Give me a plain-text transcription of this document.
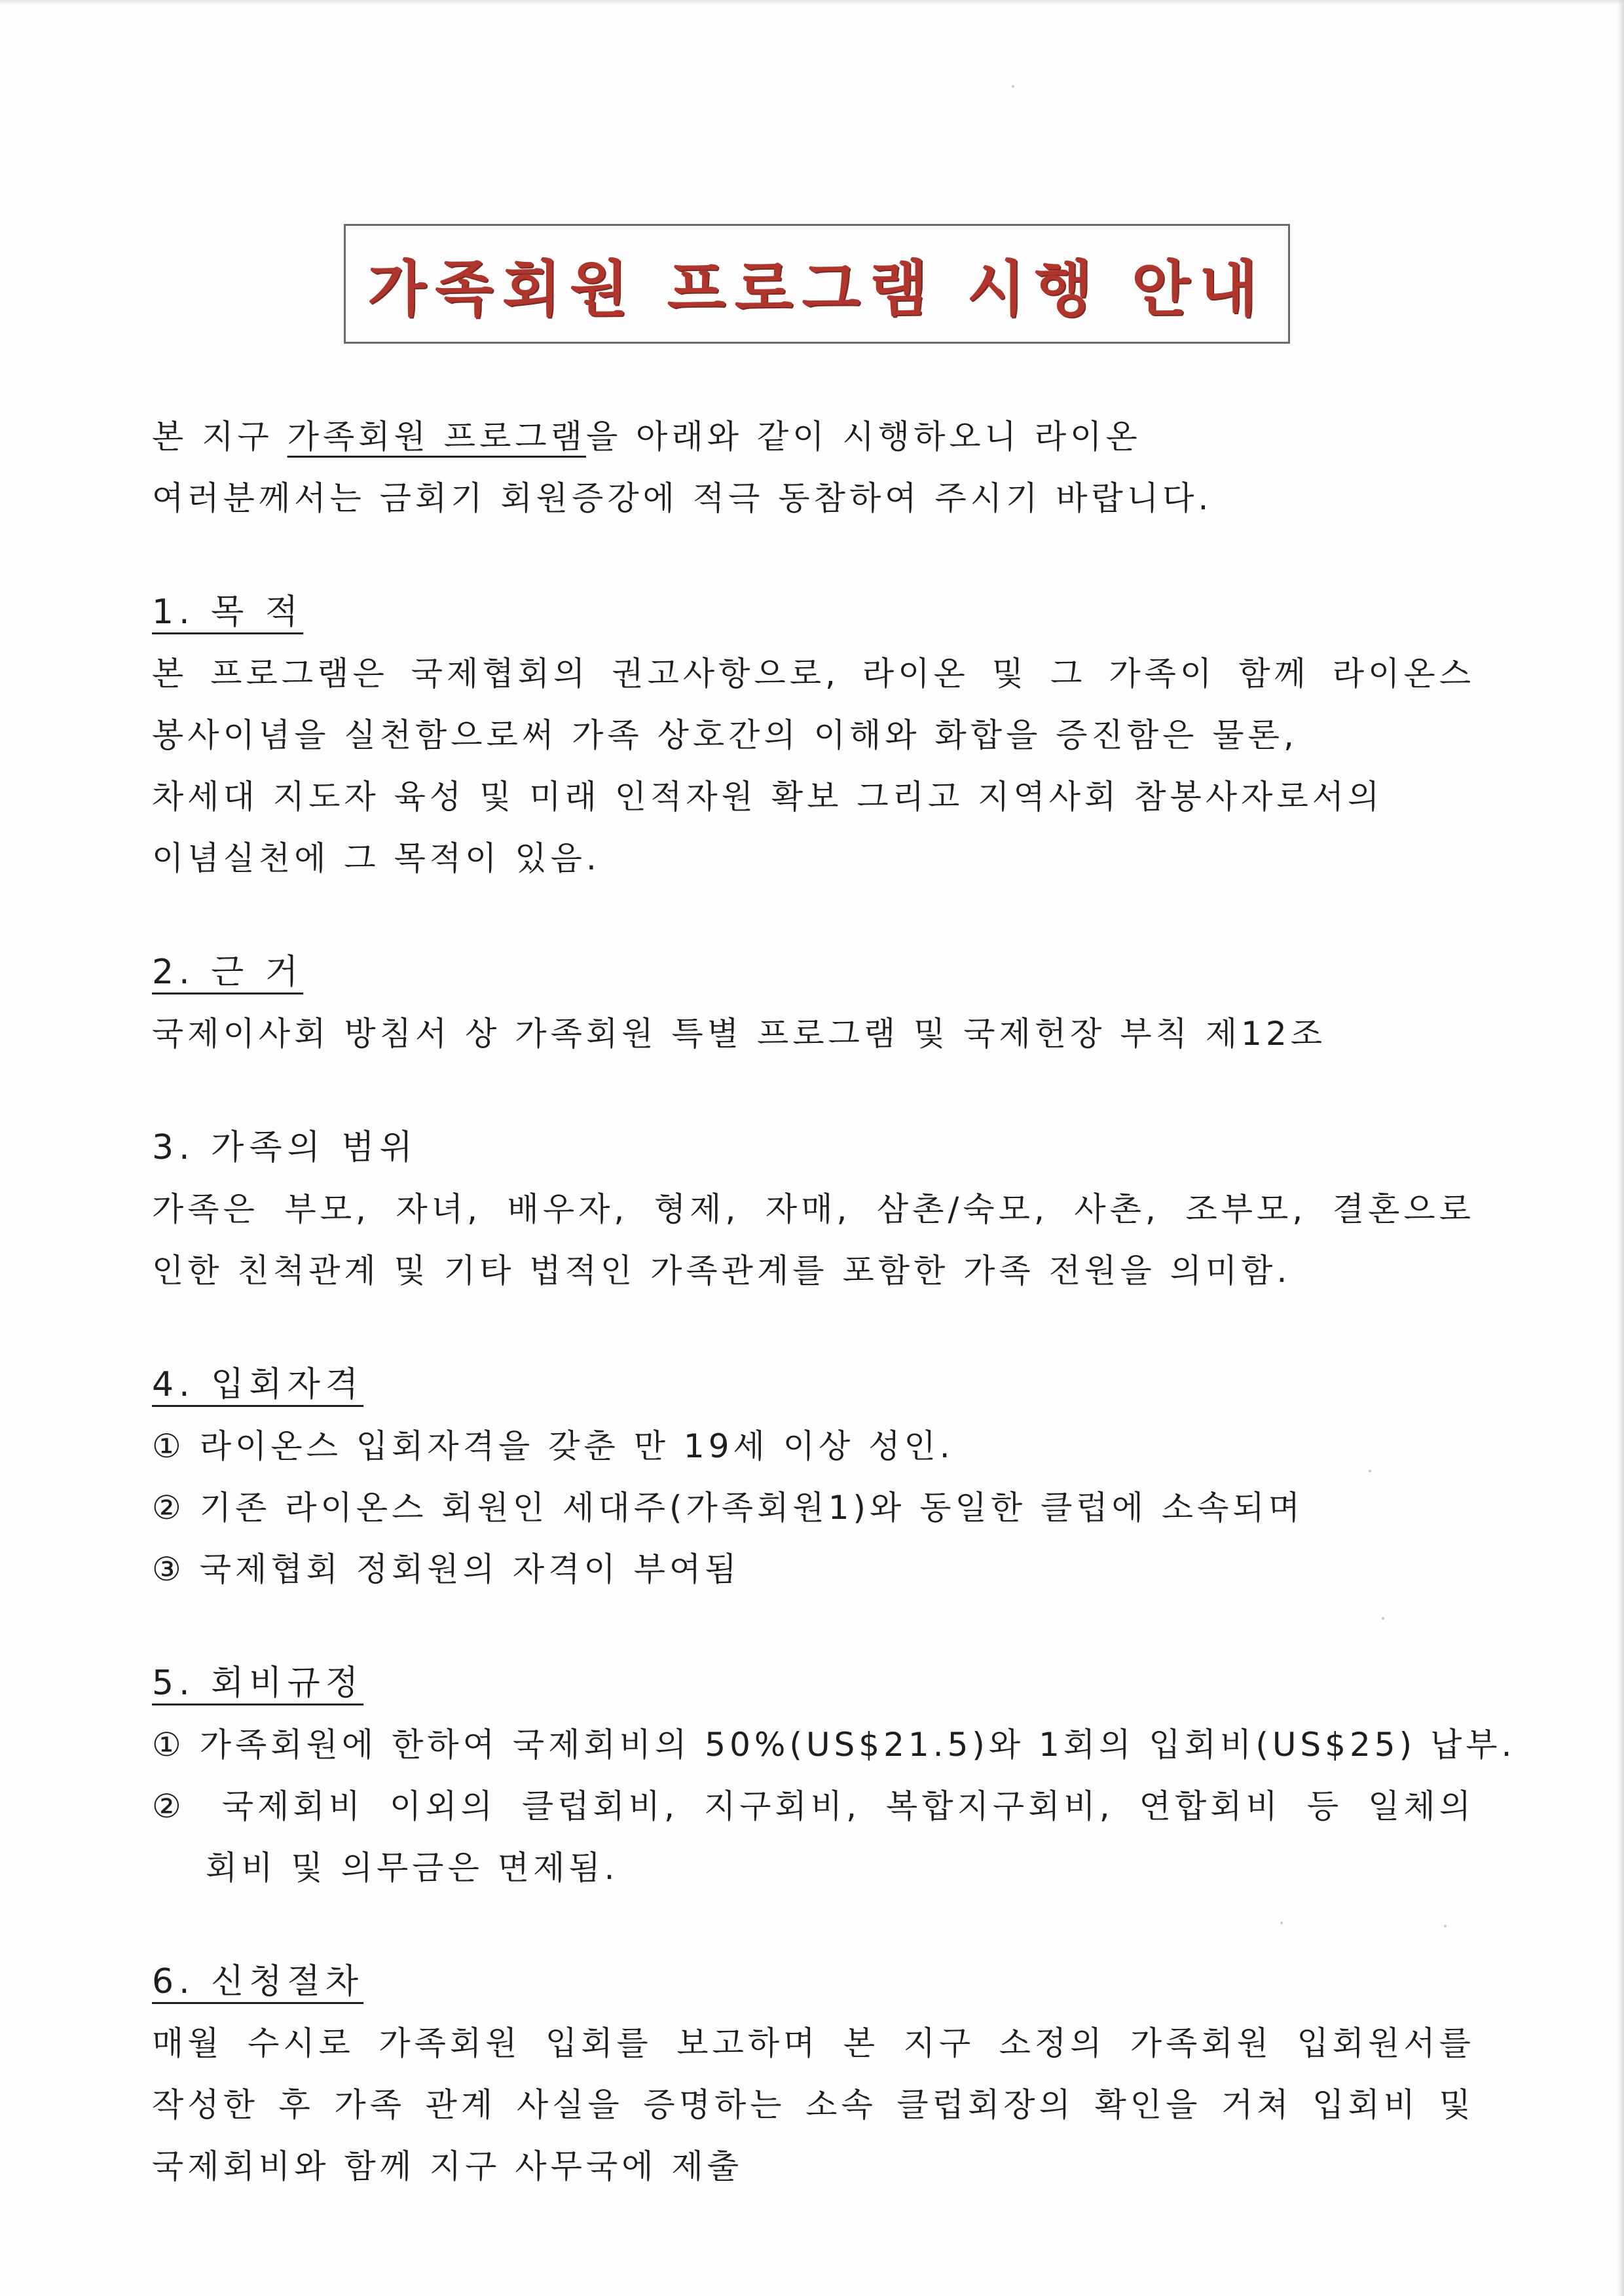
가족회원 프로그램 시행 안내
본 지구 가족회원 프로그램을 아래와 같이 시행하오니 라이온
여러분께서는 금회기 회원증강에 적극 동참하여 주시기 바랍니다.
1. 목 적
본 프로그램은 국제협회의 권고사항으로, 라이온 및 그 가족이 함께 라이온스
봉사이념을 실천함으로써 가족 상호간의 이해와 화합을 증진함은 물론,
차세대 지도자 육성 및 미래 인적자원 확보 그리고 지역사회 참봉사자로서의
이념실천에 그 목적이 있음.
2. 근 거
국제이사회 방침서 상 가족회원 특별 프로그램 및 국제헌장 부칙 제12조
3. 가족의 범위
가족은 부모, 자녀, 배우자, 형제, 자매, 삼촌/숙모, 사촌, 조부모, 결혼으로
인한 친척관계 및 기타 법적인 가족관계를 포함한 가족 전원을 의미함.
4. 입회자격
① 라이온스 입회자격을 갖춘 만 19세 이상 성인.
② 기존 라이온스 회원인 세대주(가족회원1)와 동일한 클럽에 소속되며
③ 국제협회 정회원의 자격이 부여됨
5. 회비규정
① 가족회원에 한하여 국제회비의 50%(US$21.5)와 1회의 입회비(US$25) 납부.
② 국제회비 이외의 클럽회비, 지구회비, 복합지구회비, 연합회비 등 일체의
회비 및 의무금은 면제됨.
6. 신청절차
매월 수시로 가족회원 입회를 보고하며 본 지구 소정의 가족회원 입회원서를
작성한 후 가족 관계 사실을 증명하는 소속 클럽회장의 확인을 거쳐 입회비 및
국제회비와 함께 지구 사무국에 제출
